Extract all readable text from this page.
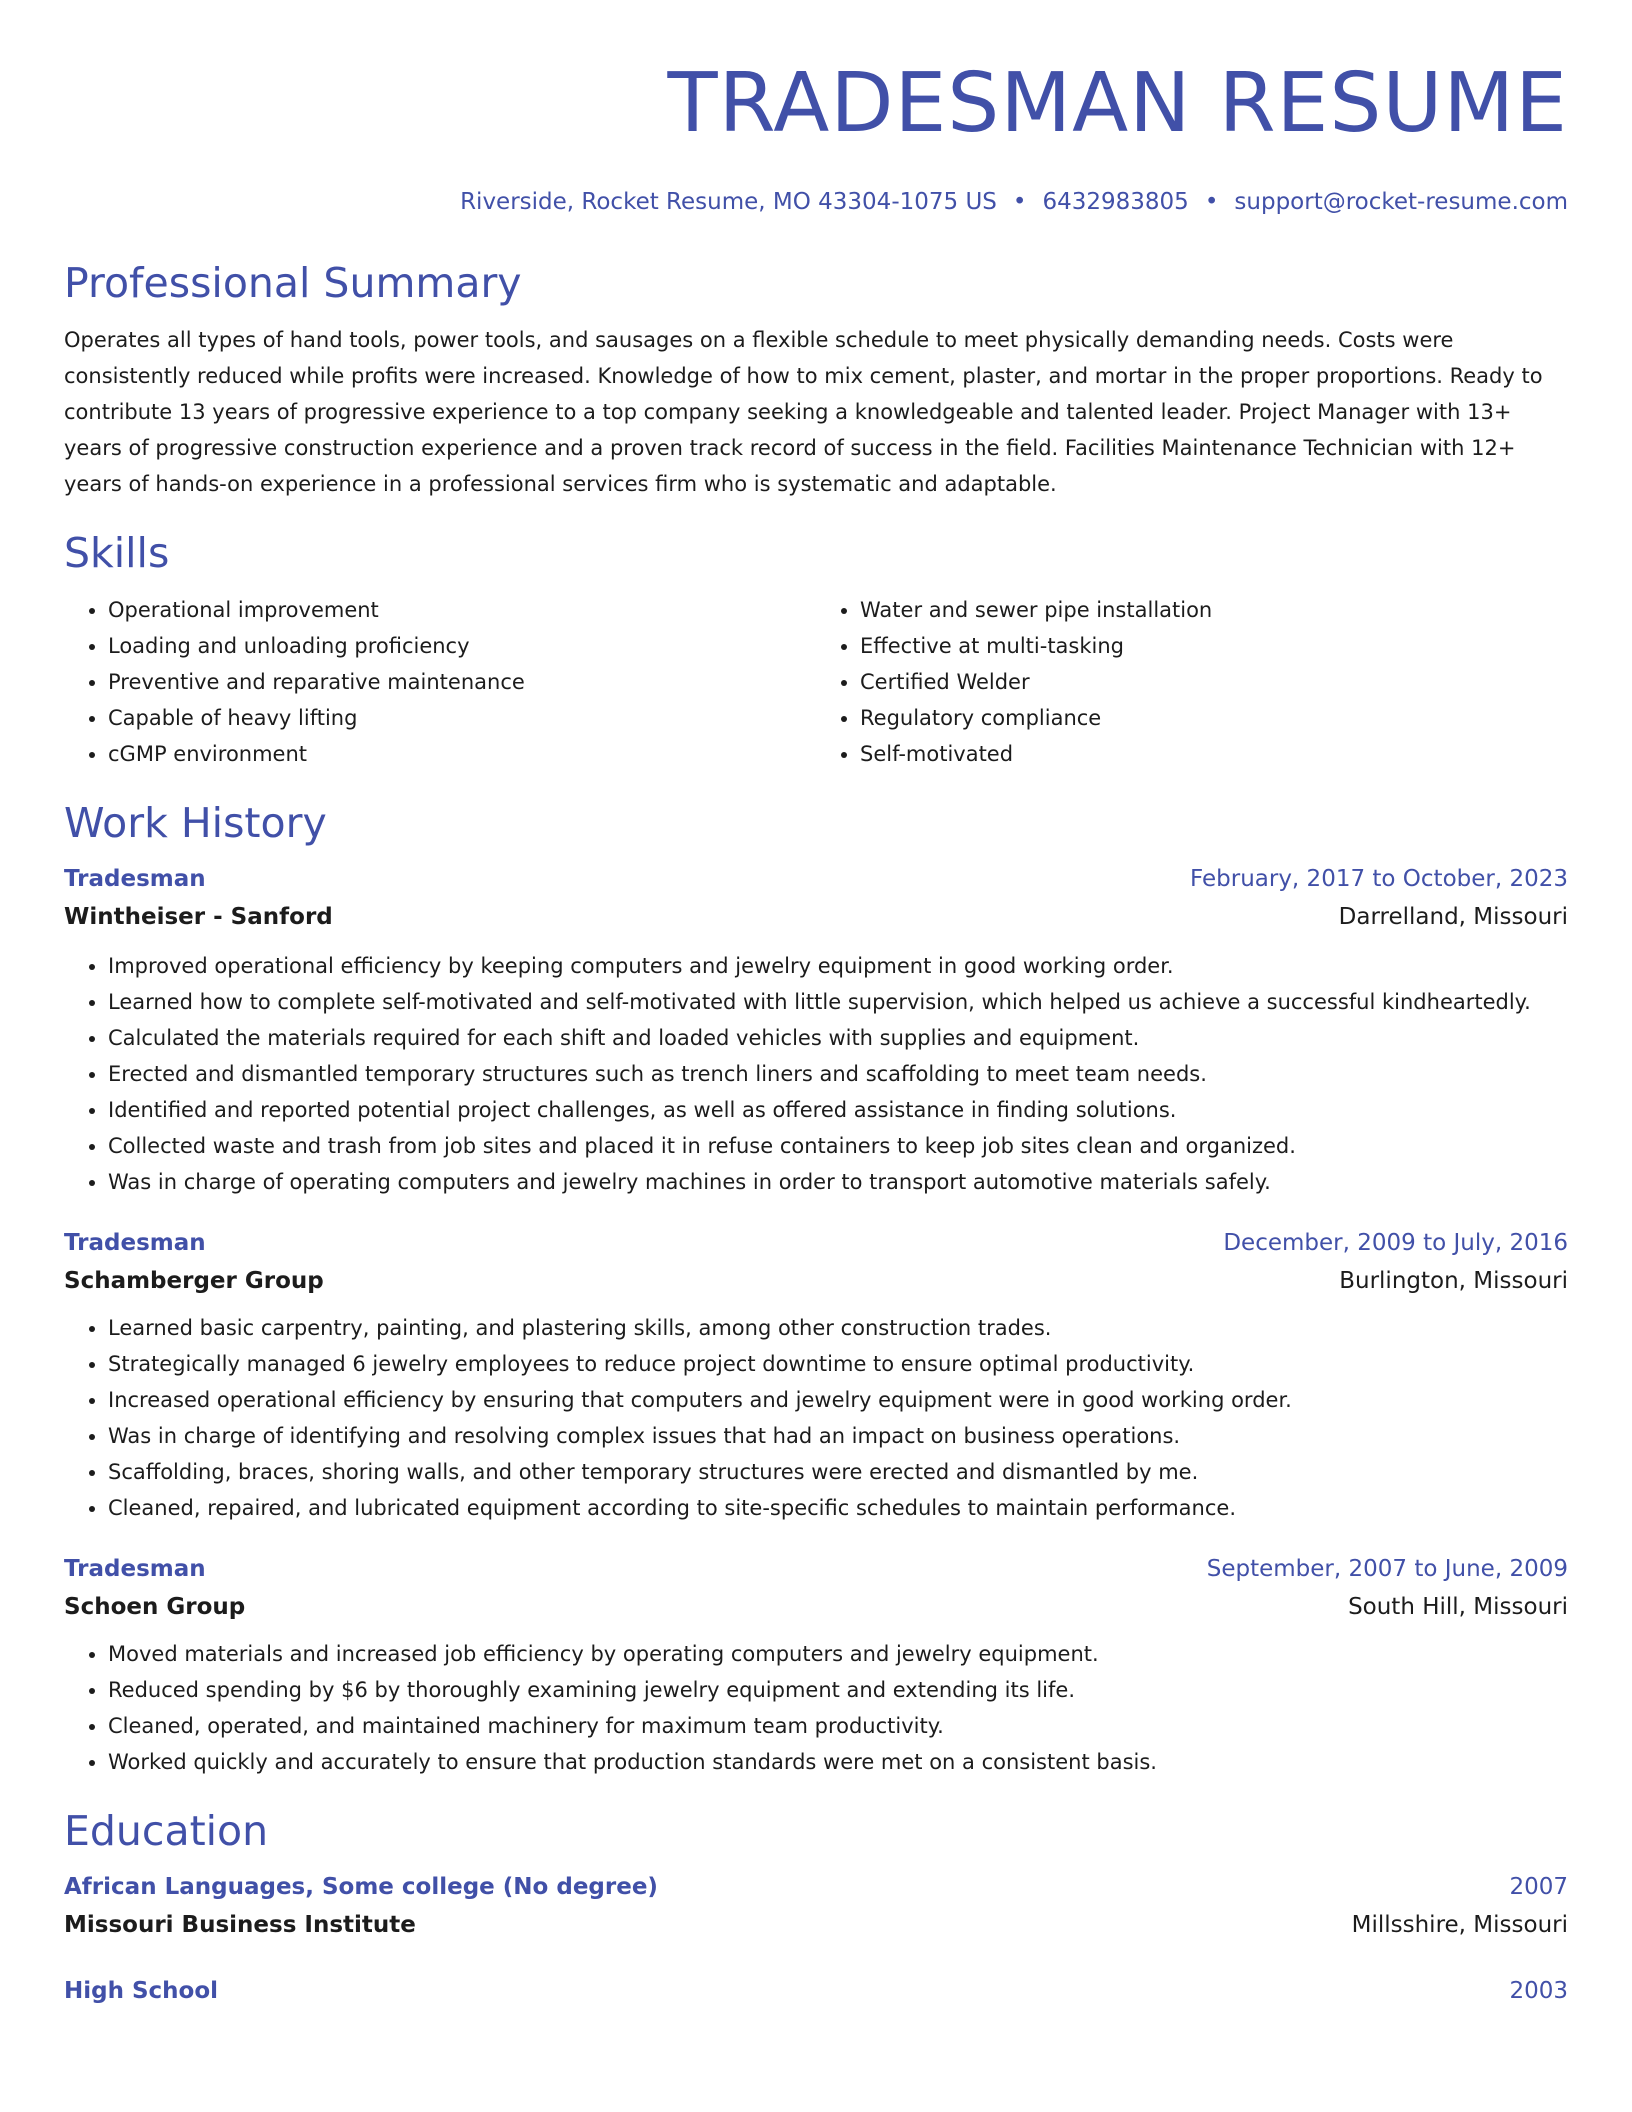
TRADESMAN RESUME
Riverside, Rocket Resume, MO 43304-1075 US • 6432983805 • support@rocket-resume.com
Professional Summary

Operates all types of hand tools, power tools, and sausages on a flexible schedule to meet physically demanding needs. Costs were consistently reduced while profits were increased. Knowledge of how to mix cement, plaster, and mortar in the proper proportions. Ready to contribute 13 years of progressive experience to a top company seeking a knowledgeable and talented leader. Project Manager with 13+ years of progressive construction experience and a proven track record of success in the field. Facilities Maintenance Technician with 12+ years of hands-on experience in a professional services firm who is systematic and adaptable.

Skills
• Operational improvement
• Loading and unloading proficiency
• Preventive and reparative maintenance
• Capable of heavy lifting
• cGMP environment
• Water and sewer pipe installation
• Effective at multi-tasking
• Certified Welder
• Regulatory compliance
• Self-motivated
Work History
Tradesman	February, 2017 to October, 2023
Wintheiser - Sanford	Darrelland, Missouri
• Improved operational efficiency by keeping computers and jewelry equipment in good working order.
• Learned how to complete self-motivated and self-motivated with little supervision, which helped us achieve a successful kindheartedly.
• Calculated the materials required for each shift and loaded vehicles with supplies and equipment.
• Erected and dismantled temporary structures such as trench liners and scaffolding to meet team needs.
• Identified and reported potential project challenges, as well as offered assistance in finding solutions.
• Collected waste and trash from job sites and placed it in refuse containers to keep job sites clean and organized.
• Was in charge of operating computers and jewelry machines in order to transport automotive materials safely.
Tradesman	December, 2009 to July, 2016
Schamberger Group	Burlington, Missouri
• Learned basic carpentry, painting, and plastering skills, among other construction trades.
• Strategically managed 6 jewelry employees to reduce project downtime to ensure optimal productivity.
• Increased operational efficiency by ensuring that computers and jewelry equipment were in good working order.
• Was in charge of identifying and resolving complex issues that had an impact on business operations.
• Scaffolding, braces, shoring walls, and other temporary structures were erected and dismantled by me.
• Cleaned, repaired, and lubricated equipment according to site-specific schedules to maintain performance.
Tradesman	September, 2007 to June, 2009
Schoen Group	South Hill, Missouri
• Moved materials and increased job efficiency by operating computers and jewelry equipment.
• Reduced spending by $6 by thoroughly examining jewelry equipment and extending its life.
• Cleaned, operated, and maintained machinery for maximum team productivity.
• Worked quickly and accurately to ensure that production standards were met on a consistent basis.
Education
African Languages, Some college (No degree)	2007
Missouri Business Institute	Millsshire, Missouri
High School	2003
